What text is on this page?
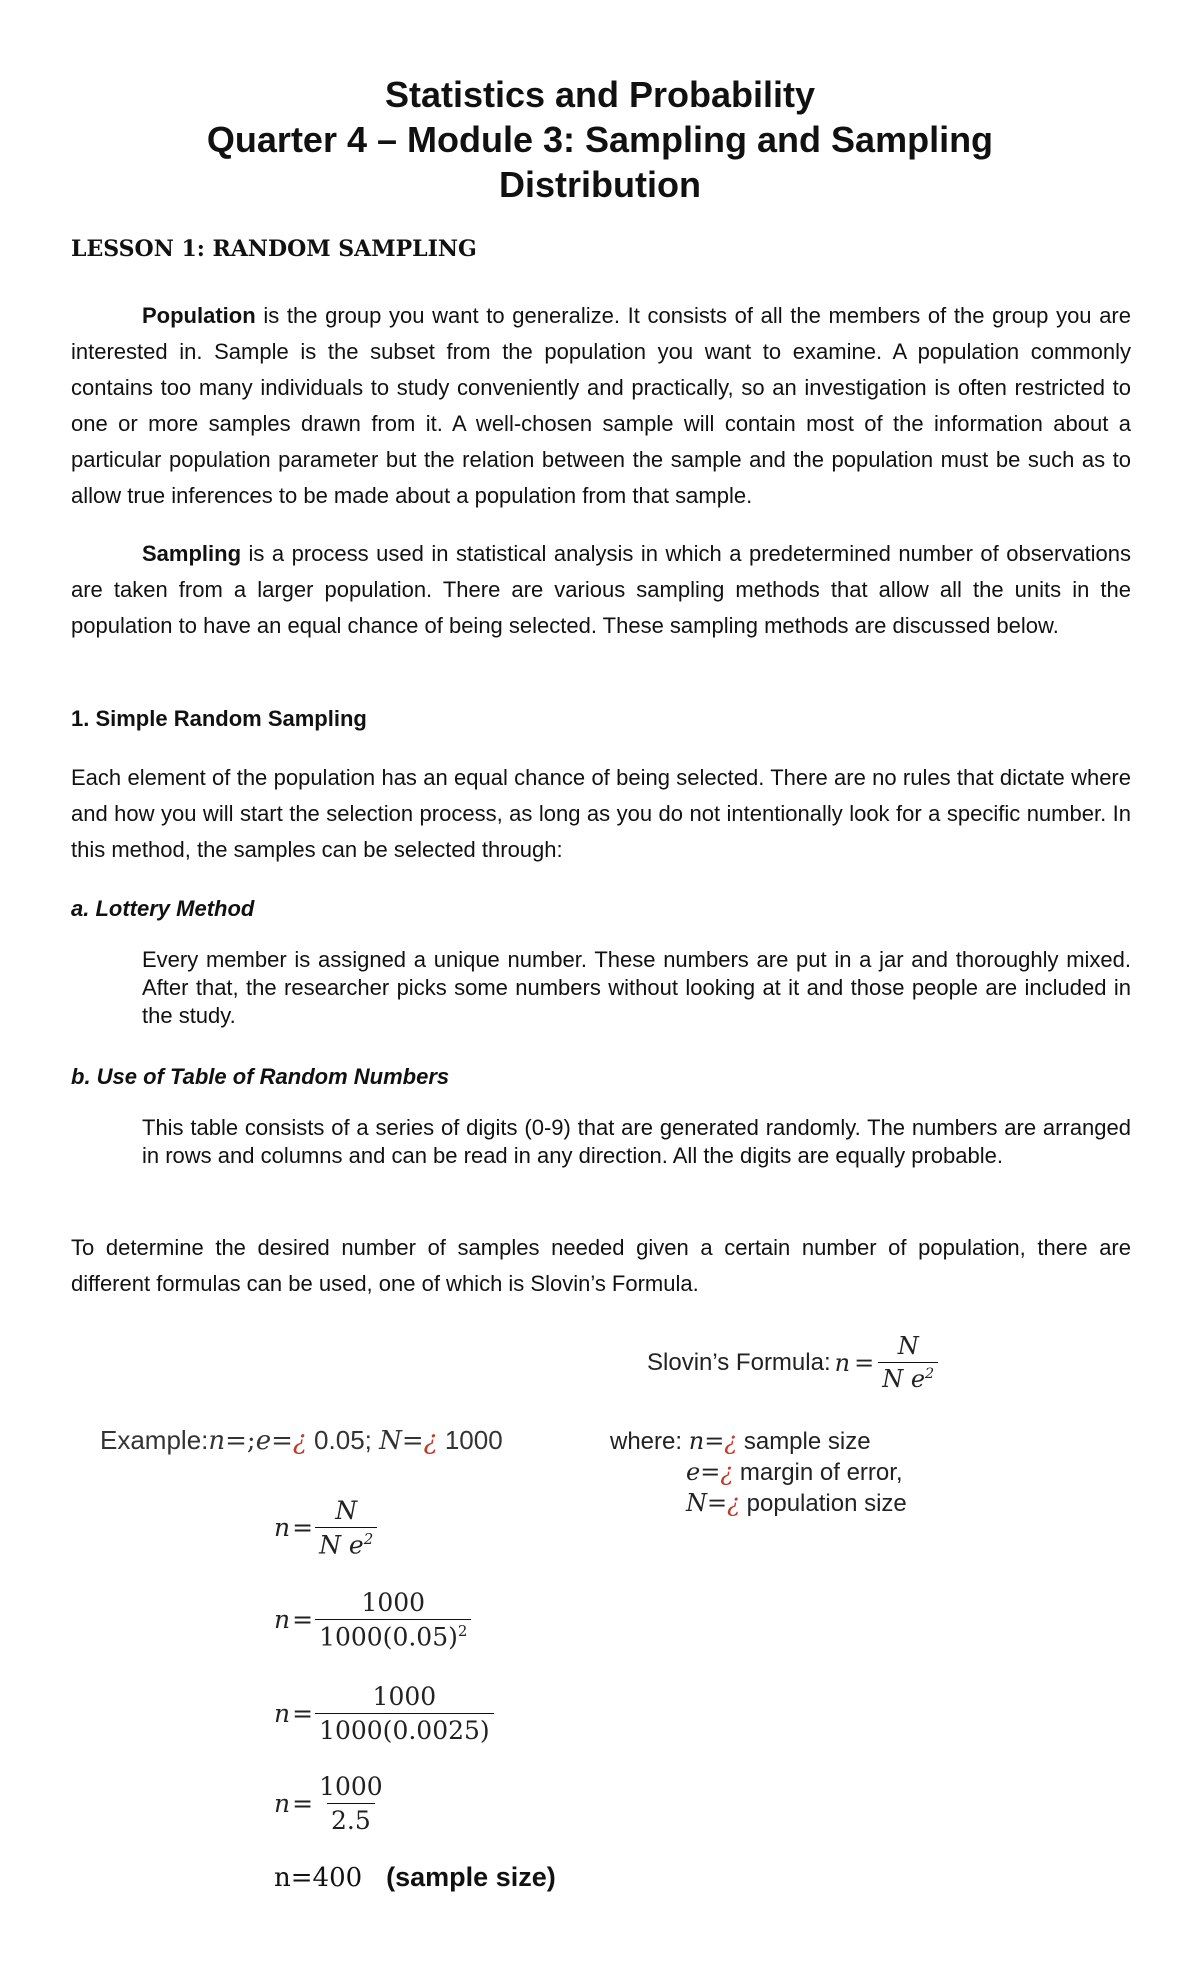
Statistics and Probability
Quarter 4 – Module 3: Sampling and Sampling
Distribution
LESSON 1: RANDOM SAMPLING
Population is the group you want to generalize. It consists of all the members of the group you are interested in. Sample is the subset from the population you want to examine. A population commonly contains too many individuals to study conveniently and practically, so an investigation is often restricted to one or more samples drawn from it. A well-chosen sample will contain most of the information about a particular population parameter but the relation between the sample and the population must be such as to allow true inferences to be made about a population from that sample.
Sampling is a process used in statistical analysis in which a predetermined number of observations are taken from a larger population. There are various sampling methods that allow all the units in the population to have an equal chance of being selected. These sampling methods are discussed below.
1. Simple Random Sampling
Each element of the population has an equal chance of being selected. There are no rules that dictate where and how you will start the selection process, as long as you do not intentionally look for a specific number. In this method, the samples can be selected through:
a. Lottery Method
Every member is assigned a unique number. These numbers are put in a jar and thoroughly mixed. After that, the researcher picks some numbers without looking at it and those people are included in the study.
b. Use of Table of Random Numbers
This table consists of a series of digits (0-9) that are generated randomly. The numbers are arranged in rows and columns and can be read in any direction. All the digits are equally probable.
To determine the desired number of samples needed given a certain number of population, there are different formulas can be used, one of which is Slovin’s Formula.
Slovin’s Formula: $n = \frac{N}{N e^2}$
where: n=¿ sample size
e=¿ margin of error,
N=¿ population size
Example:n=;e=¿ 0.05; N=¿ 1000
$n = \frac{N}{N e^2}$
$n = \frac{1000}{1000(0.05)^2}$
$n = \frac{1000}{1000(0.0025)}$
$n = \frac{1000}{2.5}$
n=400 (sample size)
